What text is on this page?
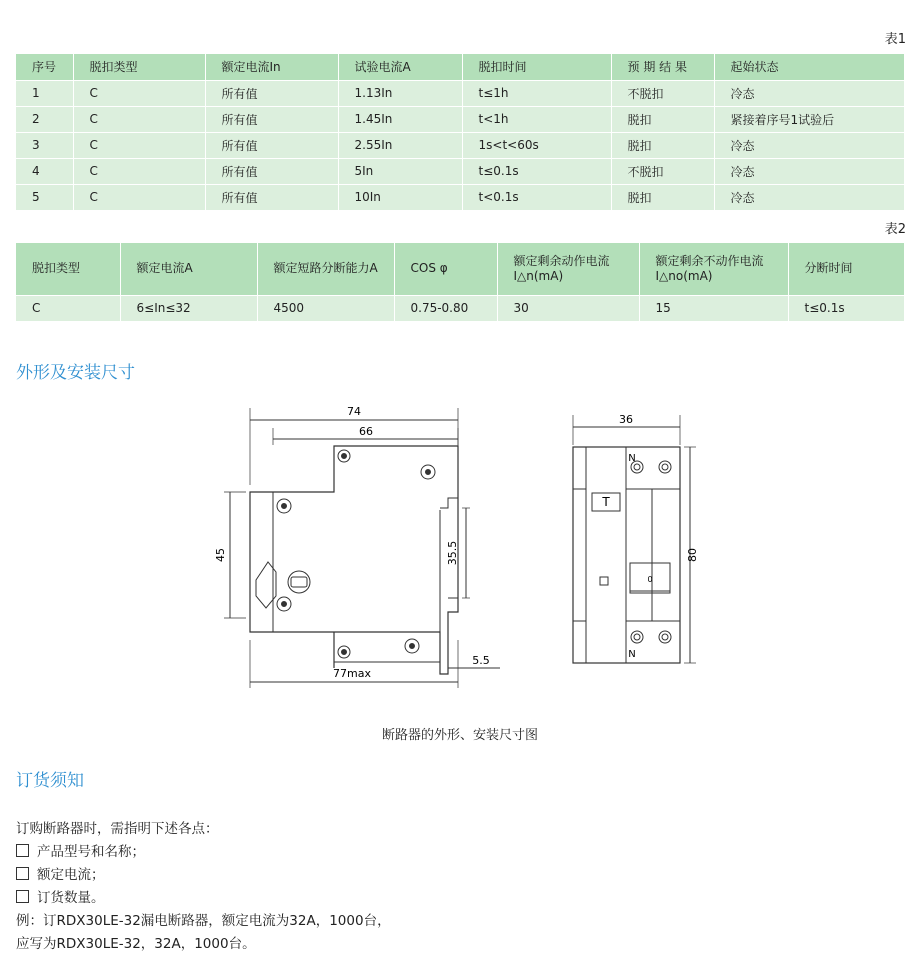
表1
序号	脱扣类型	额定电流In	试验电流A	脱扣时间	预 期 结 果	起始状态
1	C	所有值	1.13In	t≤1h	不脱扣	冷态
2	C	所有值	1.45In	t<1h	脱扣	紧接着序号1试验后
3	C	所有值	2.55In	1s<t<60s	脱扣	冷态
4	C	所有值	5In	t≤0.1s	不脱扣	冷态
5	C	所有值	10In	t<0.1s	脱扣	冷态
表2
脱扣类型	额定电流A	额定短路分断能力A	COS φ	额定剩余动作电流 I△n(mA)	额定剩余不动作电流 I△no(mA)	分断时间
C	6≤In≤32	4500	0.75-0.80	30	15	t≤0.1s
外形及安装尺寸
74
66
45	35.5
77max
5.5
36
N
N
T
0
80
断路器的外形、安装尺寸图
订货须知
订购断路器时，需指明下述各点：
产品型号和名称；
额定电流；
订货数量。
例：订RDX30LE-32漏电断路器，额定电流为32A，1000台，
应写为RDX30LE-32，32A，1000台。
